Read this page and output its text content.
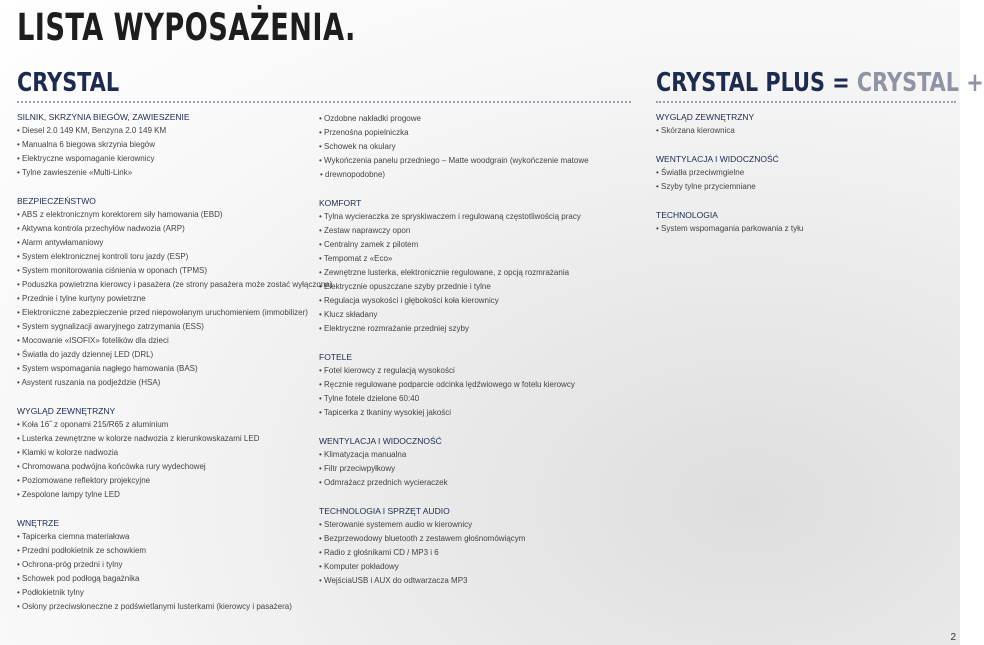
LISTA WYPOSAŻENIA.
CRYSTAL	CRYSTAL PLUS = CRYSTAL +
SILNIK, SKRZYNIA BIEGÓW, ZAWIESZENIE
• Diesel 2.0 149 KM, Benzyna 2.0 149 KM
• Manualna 6 biegowa skrzynia biegów
• Elektryczne wspomaganie kierownicy
• Tylne zawieszenie «Multi-Link»
BEZPIECZEŃSTWO
• ABS z elektronicznym korektorem siły hamowania (EBD)
• Aktywna kontrola przechyłów nadwozia (ARP)
• Alarm antywłamaniowy
• System elektronicznej kontroli toru jazdy (ESP)
• System monitorowania ciśnienia w oponach (TPMS)
• Poduszka powietrzna kierowcy i pasażera (ze strony pasażera może zostać wyłączona)
• Przednie i tylne kurtyny powietrzne
• Elektroniczne zabezpieczenie przed niepowołanym uruchomieniem (immobilizer)
• System sygnalizacji awaryjnego zatrzymania (ESS)
• Mocowanie «ISOFIX» fotelików dla dzieci
• Światła do jazdy dziennej LED (DRL)
• System wspomagania nagłego hamowania (BAS)
• Asystent ruszania na podjeździe (HSA)
WYGLĄD ZEWNĘTRZNY
• Koła 16˝ z oponami 215/R65 z aluminium
• Lusterka zewnętrzne w kolorze nadwozia z kierunkowskazami LED
• Klamki w kolorze nadwozia
• Chromowana podwójna końcówka rury wydechowej
• Poziomowane reflektory projekcyjne
• Zespolone lampy tylne LED
WNĘTRZE
• Tapicerka ciemna materiałowa
• Przedni podłokietnik ze schowkiem
• Ochrona-próg przedni i tylny
• Schowek pod podłogą bagażnika
• Podłokietnik tylny
• Osłony przeciwsłoneczne z podświetlanymi lusterkami (kierowcy i pasażera)
• Ozdobne nakładki progowe
• Przenośna popielniczka
• Schowek na okulary
• Wykończenia panelu przedniego – Matte woodgrain (wykończenie matowe
• drewnopodobne)
KOMFORT
• Tylna wycieraczka ze spryskiwaczem i regulowaną częstotliwością pracy
• Zestaw naprawczy opon
• Centralny zamek z pilotem
• Tempomat z «Eco»
• Zewnętrzne lusterka, elektronicznie regulowane, z opcją rozmrażania
• Elektrycznie opuszczane szyby przednie i tylne
• Regulacja wysokości i głębokości koła kierownicy
• Klucz składany
• Elektryczne rozmrażanie przedniej szyby
FOTELE
• Fotel kierowcy z regulacją wysokości
• Ręcznie regulowane podparcie odcinka lędźwiowego w fotelu kierowcy
• Tylne fotele dzielone 60:40
• Tapicerka z tkaniny wysokiej jakości
WENTYLACJA I WIDOCZNOŚĆ
• Klimatyzacja manualna
• Filtr przeciwpyłkowy
• Odmrażacz przednich wycieraczek
TECHNOLOGIA I SPRZĘT AUDIO
• Sterowanie systemem audio w kierownicy
• Bezprzewodowy bluetooth z zestawem głośnomówiącym
• Radio z głośnikami CD / MP3 i 6
• Komputer pokładowy
• WejściaUSB i AUX do odtwarzacza MP3
WYGLĄD ZEWNĘTRZNY
• Skórzana kierownica
WENTYLACJA I WIDOCZNOŚĆ
• Światła przeciwmgielne
• Szyby tylne przyciemniane
TECHNOLOGIA
• System wspomagania parkowania z tyłu
2
